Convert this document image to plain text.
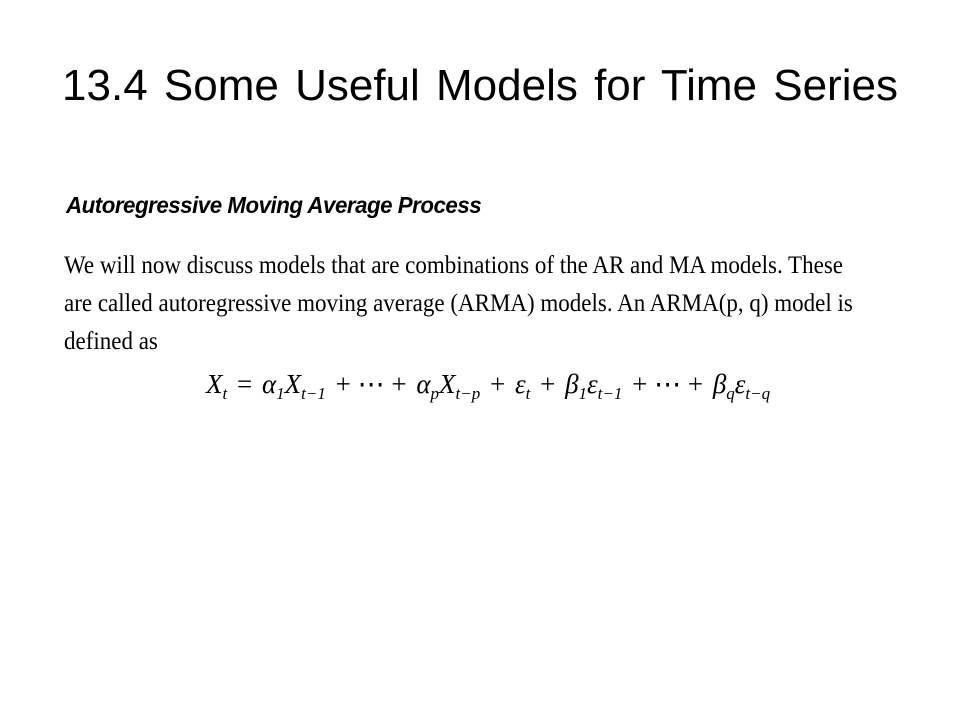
13.4 Some Useful Models for Time Series
Autoregressive Moving Average Process
We will now discuss models that are combinations of the AR and MA models. These
are called autoregressive moving average (ARMA) models. An ARMA(p, q) model is
defined as
$X_t = \alpha_1X_{t-1}$ + ⋯ + $\alpha_pX_{t-p} + \varepsilon_t + \beta_1\varepsilon_{t-1}$ + ⋯ + $\beta_q\varepsilon_{t-q}$
